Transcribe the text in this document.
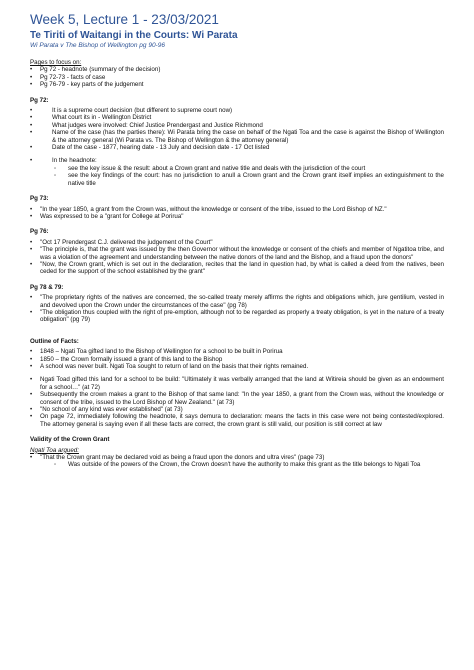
Week 5, Lecture 1 - 23/03/2021
Te Tiriti of Waitangi in the Courts: Wi Parata
Wi Parata v The Bishop of Wellington pg 90-96
Pages to focus on:
• Pg 72 - headnote (summary of the decision)
• Pg 72-73 - facts of case
• Pg 76-79 - key parts of the judgement
Pg 72:
• It is a supreme court decision (but different to supreme court now)
• What court its in - Wellington District
• What judges were involved: Chief Justice Prendergast and Justice Richmond
• Name of the case (has the parties there): Wi Parata bring the case on behalf of the Ngati Toa and the case is against the Bishop of Wellington & the attorney general (Wi Parata vs. The Bishop of Wellington & the attorney general)
• Date of the case - 1877, hearing date - 13 July and decision date - 17 Oct listed
• In the headnote:
◦ see the key issue & the result: about a Crown grant and native title and deals with the jurisdiction of the court
◦ see the key findings of the court: has no jurisdiction to anull a Crown grant and the Crown grant itself implies an extinguishment to the native title
Pg 73:
• "In the year 1850, a grant from the Crown was, without the knowledge or consent of the tribe, issued to the Lord Bishop of NZ."
• Was expressed to be a "grant for College at Porirua"
Pg 76:
• "Oct 17 Prendergast C.J. delivered the judgement of the Court"
• "The principle is, that the grant was issued by the then Governor without the knowledge or consent of the chiefs and member of Ngatitoa tribe, and was a violation of the agreement and understanding between the native donors of the land and the Bishop, and a fraud upon the donors"
• "Now, the Crown grant, which is set out in the declaration, recites that the land in question had, by what is called a deed from the natives, been ceded for the support of the school established by the grant"
Pg 78 & 79:
• "The proprietary rights of the natives are concerned, the so-called treaty merely affirms the rights and obligations which, jure gentilium, vested in and devolved upon the Crown under the circumstances of the case" (pg 78)
• "The obligation thus coupled with the right of pre-emption, although not to be regarded as properly a treaty obligation, is yet in the nature of a treaty obligation" (pg 79)
Outline of Facts:
• 1848 – Ngati Toa gifted land to the Bishop of Wellington for a school to be built in Porirua
• 1850 – the Crown formally issued a grant of this land to the Bishop
• A school was never built. Ngati Toa sought to return of land on the basis that their rights remained.
• Ngati Toad gifted this land for a school to be build: "Ultimately it was verbally arranged that the land at Witireia should be given as an endowment for a school…" (at 72)
• Subsequently the crown makes a grant to the Bishop of that same land: "In the year 1850, a grant from the Crown was, without the knowledge or consent of the tribe, issued to the Lord Bishop of New Zealand." (at 73)
• "No school of any kind was ever established" (at 73)
• On page 72, immediately following the headnote, it says demura to declaration: means the facts in this case were not being contested/explored. The attorney general is saying even if all these facts are correct, the crown grant is still valid, our position is still correct at law
Validity of the Crown Grant
Ngati Toa argued:
• "That the Crown grant may be declared void as being a fraud upon the donors and ultra vires" (page 73)
◦ Was outside of the powers of the Crown, the Crown doesn't have the authority to make this grant as the title belongs to Ngati Toa
